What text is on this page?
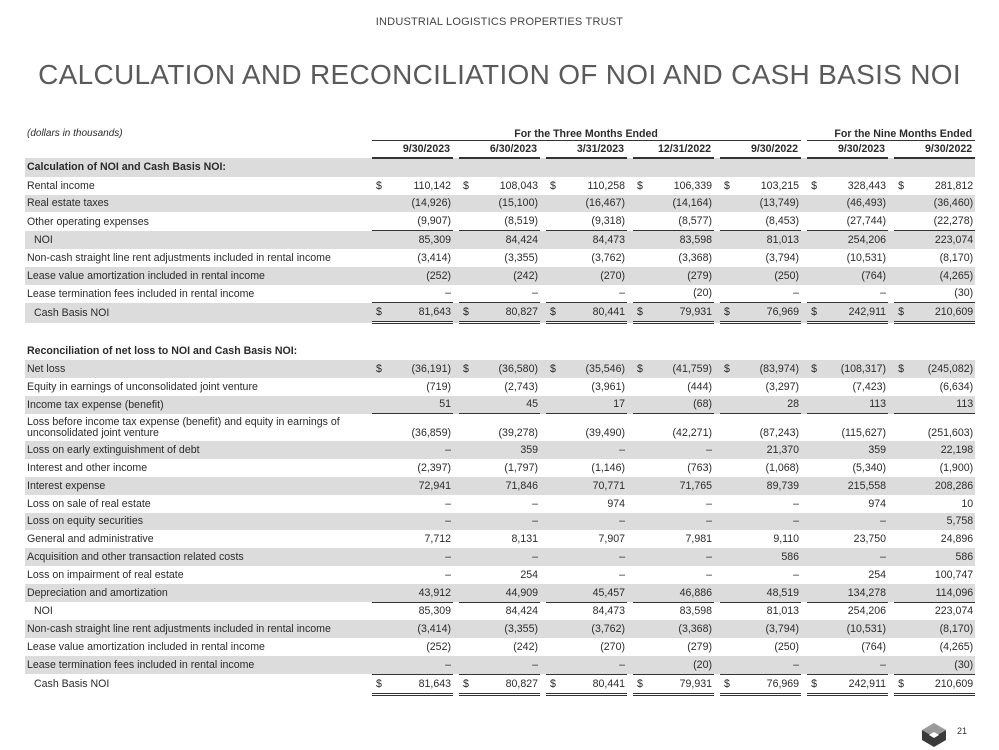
INDUSTRIAL LOGISTICS PROPERTIES TRUST
CALCULATION AND RECONCILIATION OF NOI AND CASH BASIS NOI
(dollars in thousands)		For the Three Months Ended															For the Nine Months Ended				
		9/30/2023			6/30/2023			3/31/2023			12/31/2022			9/30/2022			9/30/2023			9/30/2022	
Calculation of NOI and Cash Basis NOI:																					
Rental income		$	110,142		$	108,043		$	110,258		$	106,339		$	103,215		$	328,443		$	281,812
Real estate taxes			(14,926)			(15,100)			(16,467)			(14,164)			(13,749)			(46,493)			(36,460)
Other operating expenses			(9,907)			(8,519)			(9,318)			(8,577)			(8,453)			(27,744)			(22,278)
NOI			85,309			84,424			84,473			83,598			81,013			254,206			223,074
Non-cash straight line rent adjustments included in rental income			(3,414)			(3,355)			(3,762)			(3,368)			(3,794)			(10,531)			(8,170)
Lease value amortization included in rental income			(252)			(242)			(270)			(279)			(250)			(764)			(4,265)
Lease termination fees included in rental income			–			–			–			(20)			–			–			(30)
Cash Basis NOI		$	81,643		$	80,827		$	80,441		$	79,931		$	76,969		$	242,911		$	210,609

Reconciliation of net loss to NOI and Cash Basis NOI:																					
Net loss		$	(36,191)		$	(36,580)		$	(35,546)		$	(41,759)		$	(83,974)		$	(108,317)		$	(245,082)
Equity in earnings of unconsolidated joint venture			(719)			(2,743)			(3,961)			(444)			(3,297)			(7,423)			(6,634)
Income tax expense (benefit)			51			45			17			(68)			28			113			113
Loss before income tax expense (benefit) and equity in earnings of unconsolidated joint venture			(36,859)			(39,278)			(39,490)			(42,271)			(87,243)			(115,627)			(251,603)
Loss on early extinguishment of debt			–			359			–			–			21,370			359			22,198
Interest and other income			(2,397)			(1,797)			(1,146)			(763)			(1,068)			(5,340)			(1,900)
Interest expense			72,941			71,846			70,771			71,765			89,739			215,558			208,286
Loss on sale of real estate			–			–			974			–			–			974			10
Loss on equity securities			–			–			–			–			–			–			5,758
General and administrative			7,712			8,131			7,907			7,981			9,110			23,750			24,896
Acquisition and other transaction related costs			–			–			–			–			586			–			586
Loss on impairment of real estate			–			254			–			–			–			254			100,747
Depreciation and amortization			43,912			44,909			45,457			46,886			48,519			134,278			114,096
NOI			85,309			84,424			84,473			83,598			81,013			254,206			223,074
Non-cash straight line rent adjustments included in rental income			(3,414)			(3,355)			(3,762)			(3,368)			(3,794)			(10,531)			(8,170)
Lease value amortization included in rental income			(252)			(242)			(270)			(279)			(250)			(764)			(4,265)
Lease termination fees included in rental income			–			–			–			(20)			–			–			(30)
Cash Basis NOI		$	81,643		$	80,827		$	80,441		$	79,931		$	76,969		$	242,911		$	210,609
21
